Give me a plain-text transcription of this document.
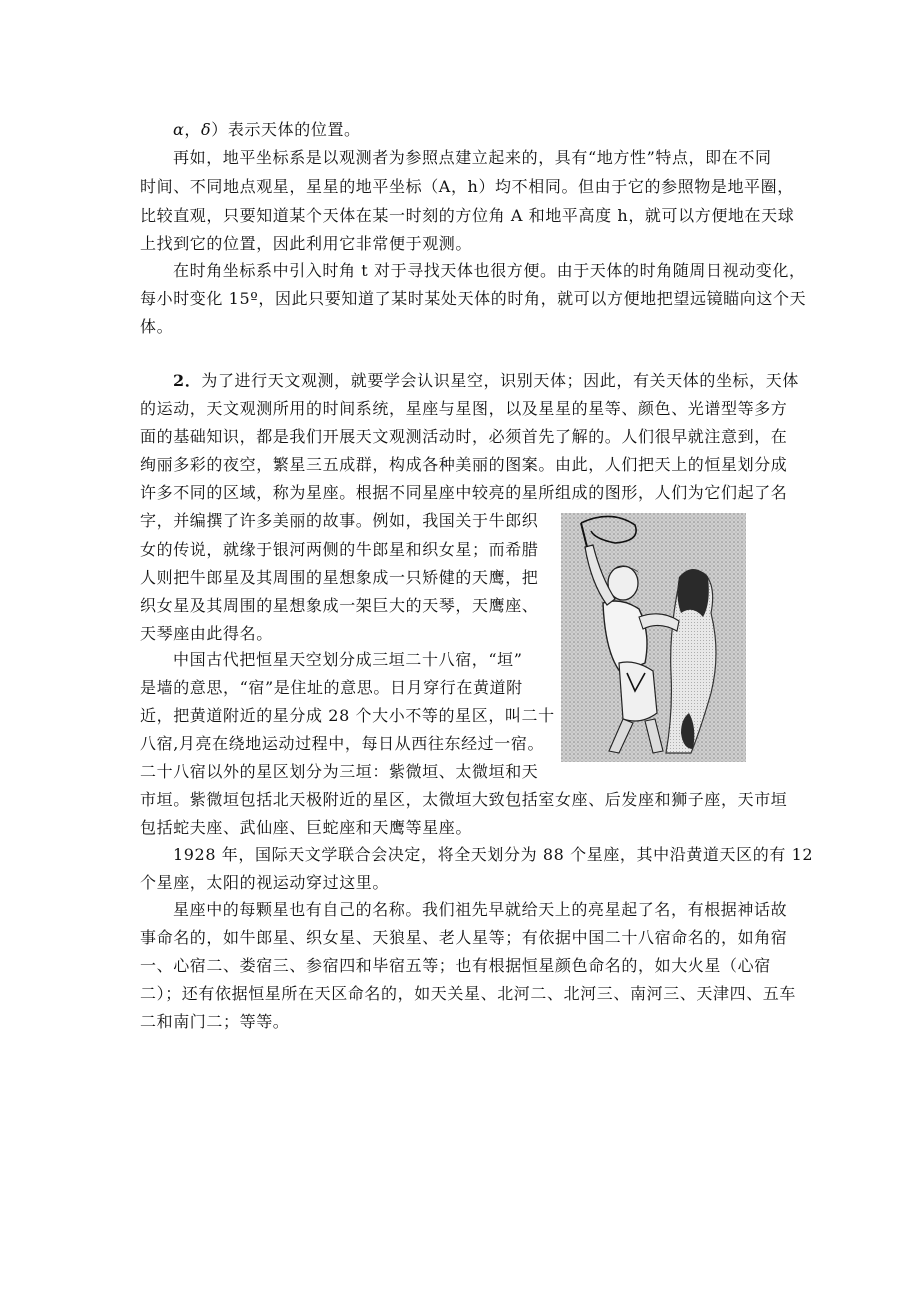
α，δ）表示天体的位置。
再如，地平坐标系是以观测者为参照点建立起来的，具有“地方性”特点，即在不同
时间、不同地点观星，星星的地平坐标（A，h）均不相同。但由于它的参照物是地平圈，
比较直观，只要知道某个天体在某一时刻的方位角 A 和地平高度 h，就可以方便地在天球
上找到它的位置，因此利用它非常便于观测。
在时角坐标系中引入时角 t 对于寻找天体也很方便。由于天体的时角随周日视动变化，
每小时变化 15º，因此只要知道了某时某处天体的时角，就可以方便地把望远镜瞄向这个天
体。
2．为了进行天文观测，就要学会认识星空，识别天体；因此，有关天体的坐标，天体
的运动，天文观测所用的时间系统，星座与星图，以及星星的星等、颜色、光谱型等多方
面的基础知识，都是我们开展天文观测活动时，必须首先了解的。人们很早就注意到，在
绚丽多彩的夜空，繁星三五成群，构成各种美丽的图案。由此，人们把天上的恒星划分成
许多不同的区域，称为星座。根据不同星座中较亮的星所组成的图形，人们为它们起了名
字，并编撰了许多美丽的故事。例如，我国关于牛郎织
女的传说，就缘于银河两侧的牛郎星和织女星；而希腊
人则把牛郎星及其周围的星想象成一只矫健的天鹰，把
织女星及其周围的星想象成一架巨大的天琴，天鹰座、
天琴座由此得名。
中国古代把恒星天空划分成三垣二十八宿，“垣”
是墙的意思，“宿”是住址的意思。日月穿行在黄道附
近，把黄道附近的星分成 28 个大小不等的星区，叫二十
八宿,月亮在绕地运动过程中，每日从西往东经过一宿。
二十八宿以外的星区划分为三垣：紫微垣、太微垣和天
市垣。紫微垣包括北天极附近的星区，太微垣大致包括室女座、后发座和狮子座，天市垣
包括蛇夫座、武仙座、巨蛇座和天鹰等星座。
1928 年，国际天文学联合会决定，将全天划分为 88 个星座，其中沿黄道天区的有 12
个星座，太阳的视运动穿过这里。
星座中的每颗星也有自己的名称。我们祖先早就给天上的亮星起了名，有根据神话故
事命名的，如牛郎星、织女星、天狼星、老人星等；有依据中国二十八宿命名的，如角宿
一、心宿二、娄宿三、参宿四和毕宿五等；也有根据恒星颜色命名的，如大火星（心宿
二）；还有依据恒星所在天区命名的，如天关星、北河二、北河三、南河三、天津四、五车
二和南门二；等等。
